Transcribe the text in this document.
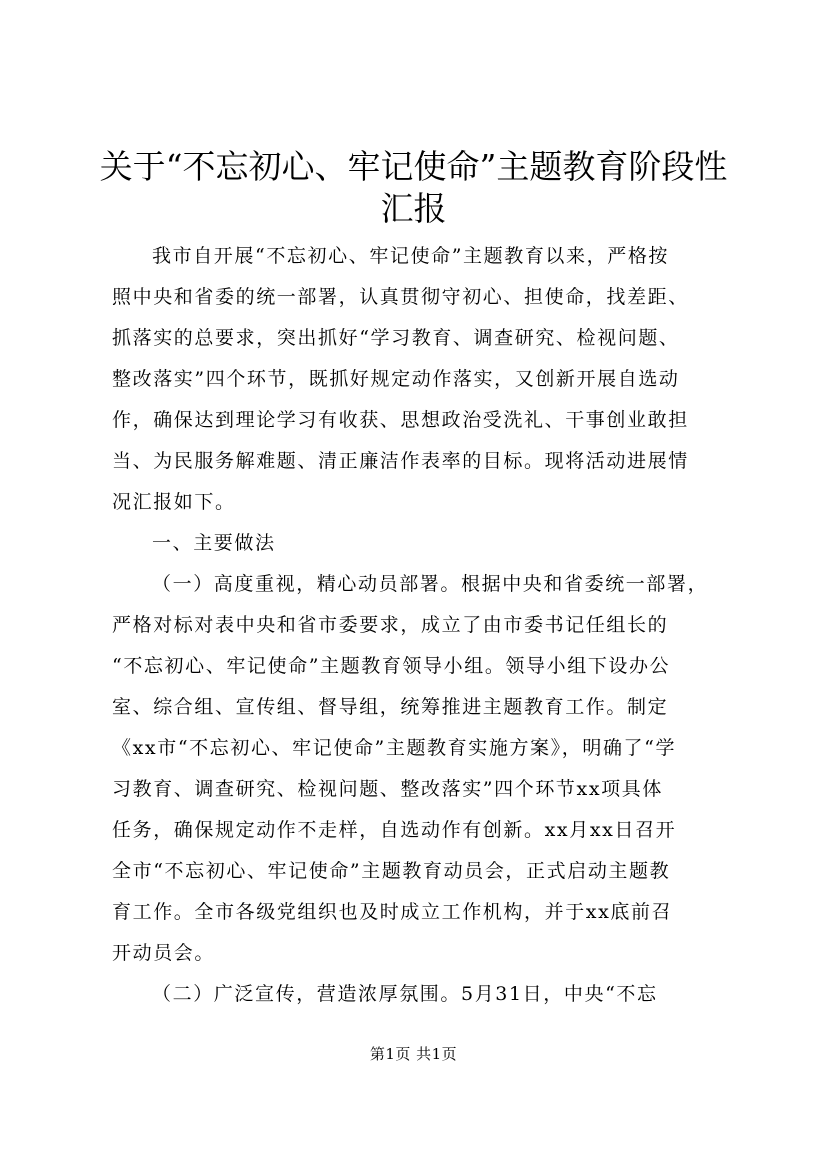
关于“不忘初心、牢记使命”主题教育阶段性
汇报

我市自开展“不忘初心、牢记使命”主题教育以来，严格按
照中央和省委的统一部署，认真贯彻守初心、担使命，找差距、
抓落实的总要求，突出抓好“学习教育、调查研究、检视问题、
整改落实”四个环节，既抓好规定动作落实，又创新开展自选动
作，确保达到理论学习有收获、思想政治受洗礼、干事创业敢担
当、为民服务解难题、清正廉洁作表率的目标。现将活动进展情
况汇报如下。

一、主要做法

（一）高度重视，精心动员部署。根据中央和省委统一部署，
严格对标对表中央和省市委要求，成立了由市委书记任组长的
“不忘初心、牢记使命”主题教育领导小组。领导小组下设办公
室、综合组、宣传组、督导组，统筹推进主题教育工作。制定
《xx市“不忘初心、牢记使命”主题教育实施方案》，明确了“学
习教育、调查研究、检视问题、整改落实”四个环节xx项具体
任务，确保规定动作不走样，自选动作有创新。xx月xx日召开
全市“不忘初心、牢记使命”主题教育动员会，正式启动主题教
育工作。全市各级党组织也及时成立工作机构，并于xx底前召
开动员会。

（二）广泛宣传，营造浓厚氛围。5月31日，中央“不忘

第1页 共1页
